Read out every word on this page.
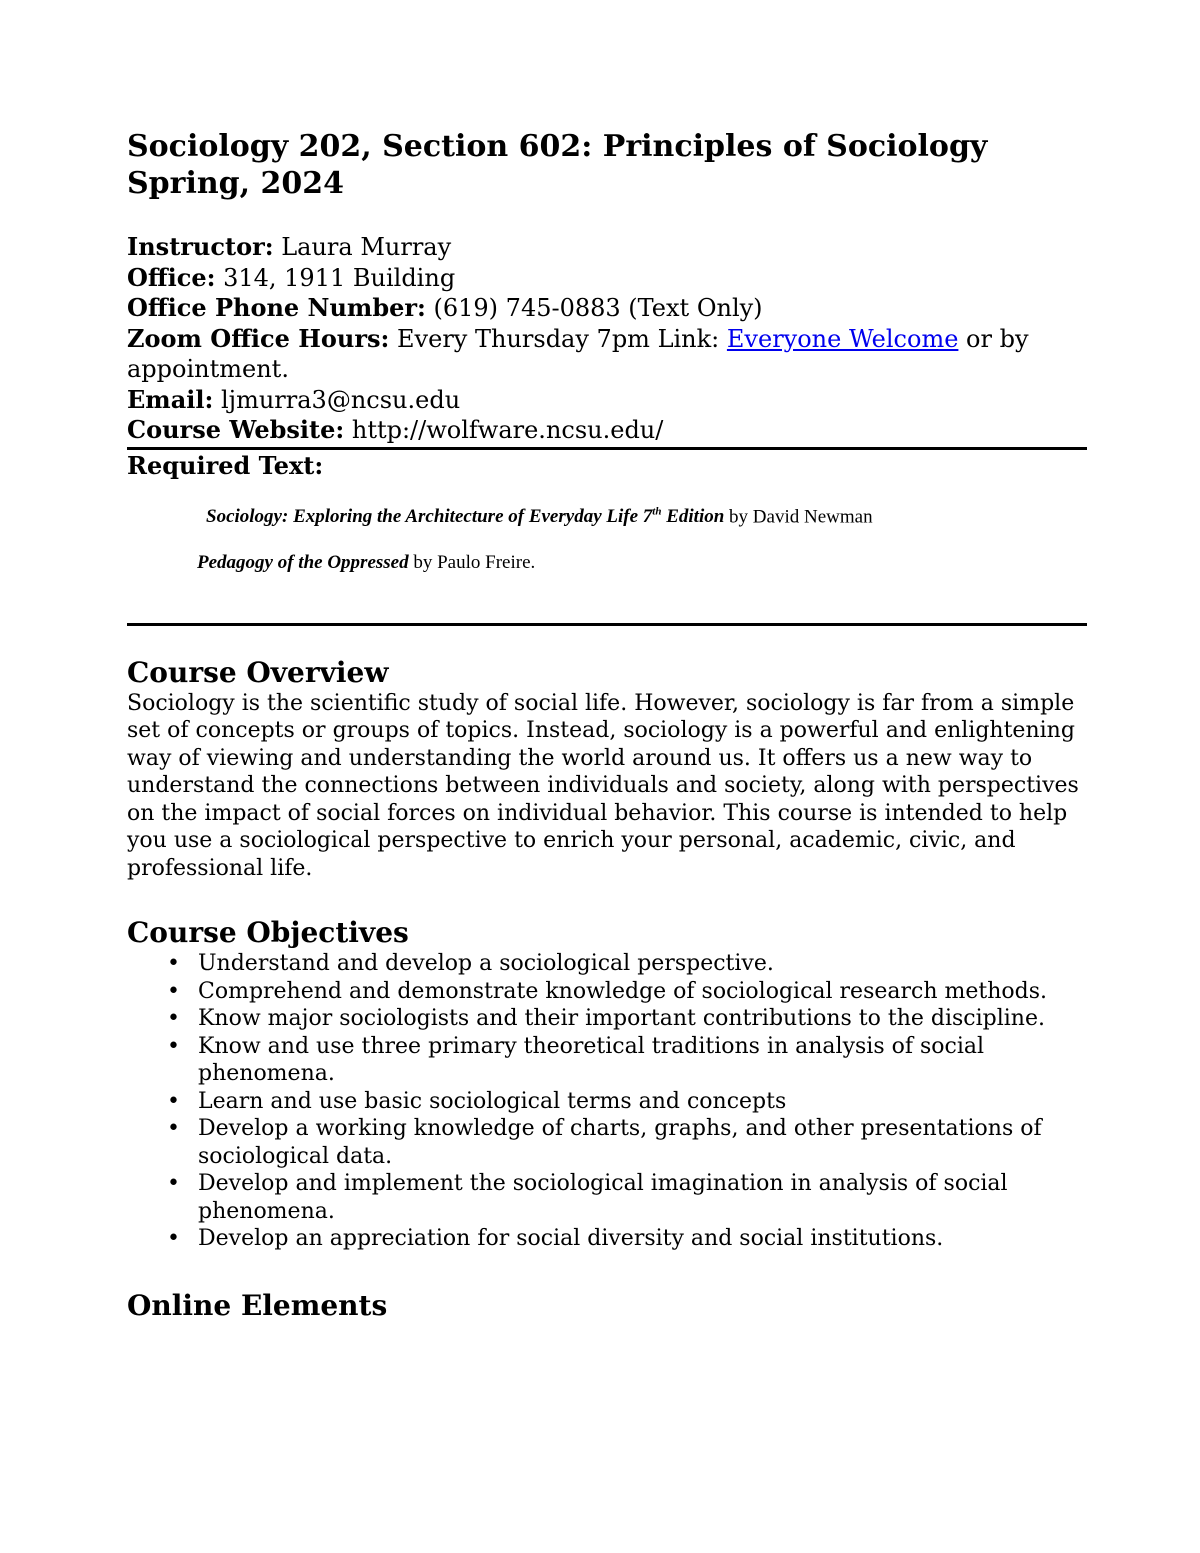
Sociology 202, Section 602: Principles of Sociology
Spring, 2024
Instructor: Laura Murray
Office: 314, 1911 Building
Office Phone Number: (619) 745-0883 (Text Only)
Zoom Office Hours: Every Thursday 7pm Link: Everyone Welcome or by appointment.
Email: ljmurra3@ncsu.edu
Course Website: http://wolfware.ncsu.edu/
Required Text:
Sociology: Exploring the Architecture of Everyday Life 7th Edition by David Newman
Pedagogy of the Oppressed by Paulo Freire.
Course Overview

Sociology is the scientific study of social life. However, sociology is far from a simple set of concepts or groups of topics. Instead, sociology is a powerful and enlightening way of viewing and understanding the world around us. It offers us a new way to understand the connections between individuals and society, along with perspectives on the impact of social forces on individual behavior. This course is intended to help you use a sociological perspective to enrich your personal, academic, civic, and professional life.

Course Objectives
• Understand and develop a sociological perspective.
• Comprehend and demonstrate knowledge of sociological research methods.
• Know major sociologists and their important contributions to the discipline.
• Know and use three primary theoretical traditions in analysis of social phenomena.
• Learn and use basic sociological terms and concepts
• Develop a working knowledge of charts, graphs, and other presentations of sociological data.
• Develop and implement the sociological imagination in analysis of social phenomena.
• Develop an appreciation for social diversity and social institutions.
Online Elements
